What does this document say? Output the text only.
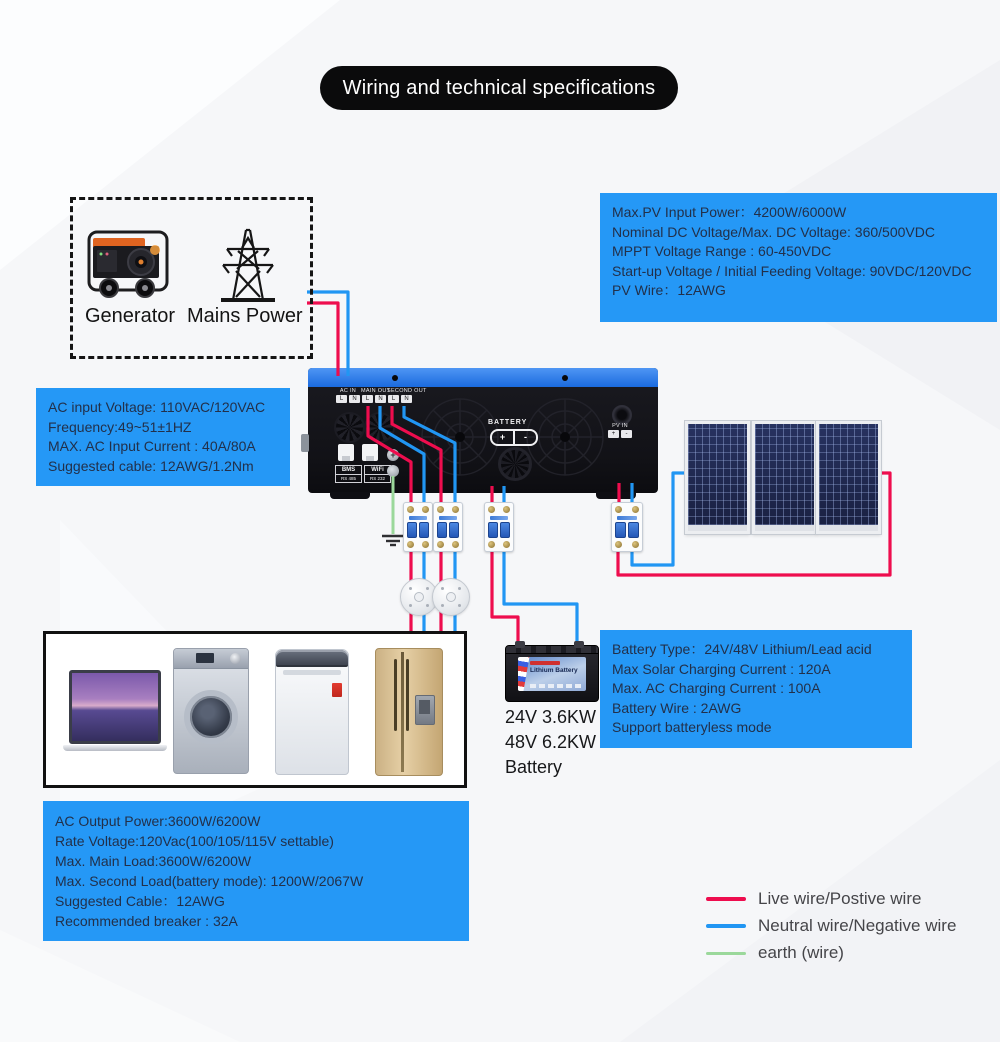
Wiring and technical specifications
Generator Mains Power
Max.PV Input Power：4200W/6000W
Nominal DC Voltage/Max. DC Voltage: 360/500VDC
MPPT Voltage Range : 60-450VDC
Start-up Voltage / Initial Feeding Voltage: 90VDC/120VDC
PV Wire：12AWG
AC input Voltage: 110VAC/120VAC
Frequency:49~51±1HZ
MAX. AC Input Current : 40A/80A
Suggested cable: 12AWG/1.2Nm
Battery Type：24V/48V Lithium/Lead acid
Max Solar Charging Current : 120A
Max. AC Charging Current : 100A
Battery Wire : 2AWG
Support batteryless mode
AC Output Power:3600W/6200W
Rate Voltage:120Vac(100/105/115V settable)
Max. Main Load:3600W/6200W
Max. Second Load(battery mode): 1200W/2067W
Suggested Cable：12AWG
Recommended breaker : 32A
AC IN
L	N
MAIN OUT
L	N
SECOND OUT
L	N
BMS
RS 485
WiFi
RS 232
+
BATTERY
+	-
PV IN
+	-
Lithium Battery
24V 3.6KW
48V 6.2KW
Battery
Live wire/Postive wire
Neutral wire/Negative wire
earth (wire)
